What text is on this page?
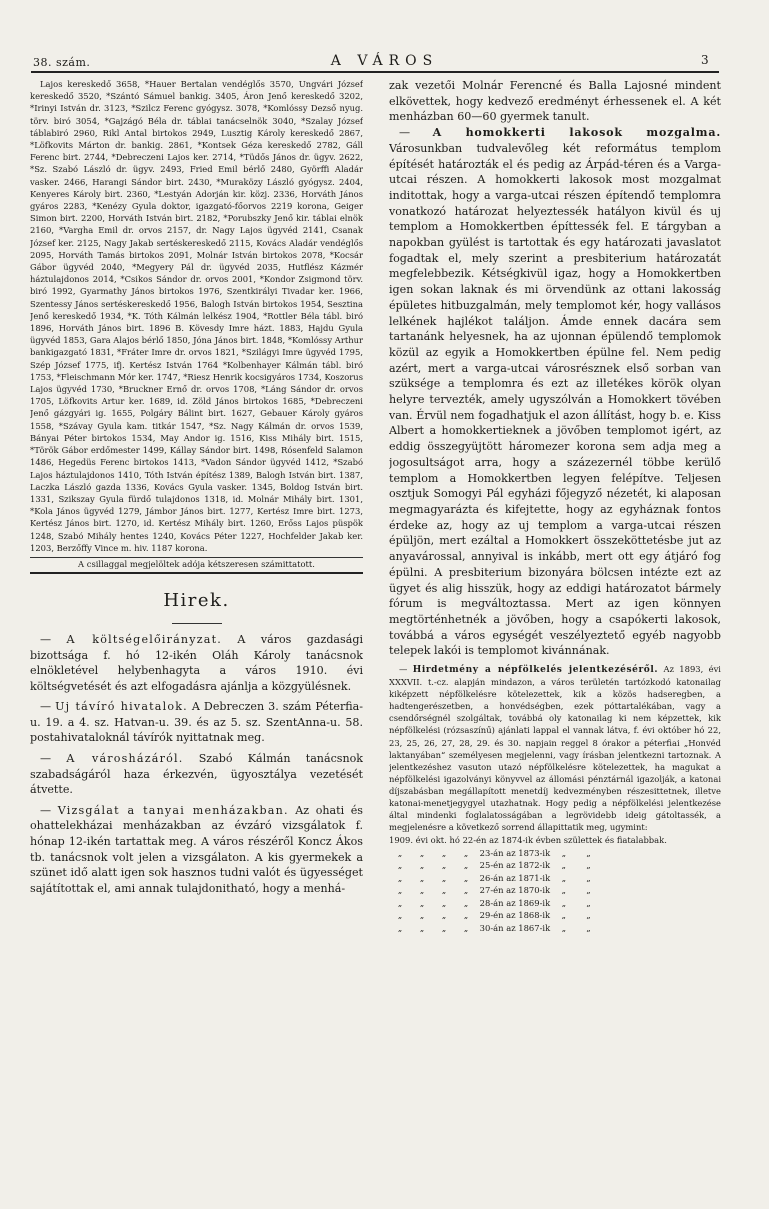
38. szám.	A VÁROS	3

Lajos kereskedő 3658, *Hauer Bertalan vendéglős 3570, Ungvári József kereskedő 3520, *Szántó Sámuel bankig. 3405, Áron Jenő kereskedő 3202, *Irinyi István dr. 3123, *Szilcz Ferenc gyógysz. 3078, *Komlóssy Dezső nyug. törv. biró 3054, *Gajzágó Béla dr. táblai tanácselnök 3040, *Szalay József táblabiró 2960, Rikl Antal birtokos 2949, Lusztig Károly kereskedő 2867, *Löfkovits Márton dr. bankig. 2861, *Kontsek Géza kereskedő 2782, Gáll Ferenc birt. 2744, *Debreczeni Lajos ker. 2714, *Tüdős János dr. ügyv. 2622, *Sz. Szabó László dr. ügyv. 2493, Fried Emil bérlő 2480, Györffi Aladár vasker. 2466, Harangi Sándor birt. 2430, *Muraközy László gyógysz. 2404, Kenyeres Károly birt. 2360, *Lestyán Adorján kir. közj. 2336, Horváth János gyáros 2283, *Kenézy Gyula doktor, igazgató-főorvos 2219 korona, Geiger Simon birt. 2200, Horváth István birt. 2182, *Porubszky Jenő kir. táblai elnök 2160, *Vargha Emil dr. orvos 2157, dr. Nagy Lajos ügyvéd 2141, Csanak József ker. 2125, Nagy Jakab sertéskereskedő 2115, Kovács Aladár vendéglős 2095, Horváth Tamás birtokos 2091, Molnár István birtokos 2078, *Kocsár Gábor ügyvéd 2040, *Megyery Pál dr. ügyvéd 2035, Hutflész Kázmér háztulajdonos 2014, *Csikos Sándor dr. orvos 2001, *Kondor Zsigmond törv. biró 1992, Gyarmathy János birtokos 1976, Szentkirályi Tivadar ker. 1966, Szentessy János sertéskereskedő 1956, Balogh István birtokos 1954, Sesztina Jenő kereskedő 1934, *K. Tóth Kálmán lelkész 1904, *Rottler Béla tábl. biró 1896, Horváth János birt. 1896 B. Kövesdy Imre házt. 1883, Hajdu Gyula ügyvéd 1853, Gara Alajos bérlő 1850, Jóna János birt. 1848, *Komlóssy Arthur bankigazgató 1831, *Fráter Imre dr. orvos 1821, *Szilágyi Imre ügyvéd 1795, Szép József 1775, ifj. Kertész István 1764 *Kolbenhayer Kálmán tábl. biró 1753, *Fleischmann Mór ker. 1747, *Riesz Henrik kocsigyáros 1734, Koszorus Lajos ügyvéd 1730, *Bruckner Ernő dr. orvos 1708, *Láng Sándor dr. orvos 1705, Löfkovits Artur ker. 1689, id. Zöld János birtokos 1685, *Debreczeni Jenő gázgyári ig. 1655, Polgáry Bálint birt. 1627, Gebauer Károly gyáros 1558, *Szávay Gyula kam. titkár 1547, *Sz. Nagy Kálmán dr. orvos 1539, Bányai Péter birtokos 1534, May Andor ig. 1516, Kiss Mihály birt. 1515, *Török Gábor erdőmester 1499, Kállay Sándor birt. 1498, Rósenfeld Salamon 1486, Hegedüs Ferenc birtokos 1413, *Vadon Sándor ügyvéd 1412, *Szabó Lajos háztulajdonos 1410, Tóth István építész 1389, Balogh István birt. 1387, Laczka László gazda 1336, Kovács Gyula vasker. 1345, Boldog István birt. 1331, Szikszay Gyula fürdő tulajdonos 1318, id. Molnár Mihály birt. 1301, *Kola János ügyvéd 1279, Jámbor János birt. 1277, Kertész Imre birt. 1273, Kertész János birt. 1270, id. Kertész Mihály birt. 1260, Erőss Lajos püspök 1248, Szabó Mihály hentes 1240, Kovács Péter 1227, Hochfelder Jakab ker. 1203, Berzőffy Vince m. hiv. 1187 korona.

A csillaggal megjelöltek adója kétszeresen számittatott.

Hirek.

— A költségelőirányzat. A város gazdasági bizottsága f. hó 12-ikén Oláh Károly tanácsnok elnökletével helybenhagyta a város 1910. évi költségvetését és azt elfogadásra ajánlja a közgyülésnek.

— Uj távíró hivatalok. A Debreczen 3. szám Péterfia-u. 19. a 4. sz. Hatvan-u. 39. és az 5. sz. SzentAnna-u. 58. postahivataloknál távírók nyittatnak meg.

— A városházáról. Szabó Kálmán tanácsnok szabadságáról haza érkezvén, ügyosztálya vezetését átvette.

— Vizsgálat a tanyai menházakban. Az ohati és ohattelekházai menházakban az évzáró vizsgálatok f. hónap 12-ikén tartattak meg. A város részéről Koncz Ákos tb. tanácsnok volt jelen a vizsgálaton. A kis gyermekek a szünet idő alatt igen sok hasznos tudni valót és ügyességet sajátítottak el, ami annak tulajdonitható, hogy a menhá-

zak vezetői Molnár Ferencné és Balla Lajosné mindent elkövettek, hogy kedvező eredményt érhessenek el. A két menházban 60—60 gyermek tanult.

— A homokkerti lakosok mozgalma. Városunkban tudvalevőleg két református templom építését határozták el és pedig az Árpád-téren és a Varga-utcai részen. A homokkerti lakosok most mozgalmat inditottak, hogy a varga-utcai részen építendő templomra vonatkozó határozat helyeztessék hatályon kivül és uj templom a Homokkertben építtessék fel. E tárgyban a napokban gyülést is tartottak és egy határozati javaslatot fogadtak el, mely szerint a presbiterium határozatát megfelebbezik. Kétségkivül igaz, hogy a Homokkertben igen sokan laknak és mi örvendünk az ottani lakosság épületes hitbuzgalmán, mely templomot kér, hogy vallásos lelkének hajlékot találjon. Ámde ennek dacára sem tartanánk helyesnek, ha az ujonnan épülendő templomok közül az egyik a Homokkertben épülne fel. Nem pedig azért, mert a varga-utcai városrésznek első sorban van szüksége a templomra és ezt az illetékes körök olyan helyre tervezték, amely ugyszólván a Homokkert tövében van. Érvül nem fogadhatjuk el azon állítást, hogy b. e. Kiss Albert a homokkertieknek a jövőben templomot igért, az eddig összegyüjtött háromezer korona sem adja meg a jogosultságot arra, hogy a százezernél többe kerülő templom a Homokkertben legyen felépítve. Teljesen osztjuk Somogyi Pál egyházi főjegyző nézetét, ki alaposan megmagyarázta és kifejtette, hogy az egyháznak fontos érdeke az, hogy az uj templom a varga-utcai részen épüljön, mert ezáltal a Homokkert összeköttetésbe jut az anyavárossal, annyival is inkább, mert ott egy átjáró fog épülni. A presbiterium bizonyára bölcsen intézte ezt az ügyet és alig hisszük, hogy az eddigi határozatot bármely fórum is megváltoztassa. Mert az igen könnyen megtörténhetnék a jövőben, hogy a csapókerti lakosok, továbbá a város egységét veszélyeztető egyéb nagyobb telepek lakói is templomot kivánnának.

— Hirdetmény a népfölkelés jelentkezéséről. Az 1893, évi XXXVII. t.-cz. alapján mindazon, a város területén tartózkodó katonailag kiképzett népfölkelésre kötelezettek, kik a közös hadseregben, a hadtengerészetben, a honvédségben, ezek póttartalékában, vagy a csendőrségnél szolgáltak, továbbá oly katonailag ki nem képzettek, kik népfölkelési (rózsaszínű) ajánlati lappal el vannak látva, f. évi október hó 22, 23, 25, 26, 27, 28, 29. és 30. napjain reggel 8 órakor a péterfiai „Honvéd laktanyában“ személyesen megjelenni, vagy írásban jelentkezni tartoznak. A jelentkezéshez vasuton utazó népfölkelésre kötelezettek, ha magukat a népfölkelési igazolványi könyvvel az állomási pénztárnál igazolják, a katonai díjszabásban megállapított menetdíj kedvezményben részesittetnek, illetve katonai-menetjegygyel utazhatnak. Hogy pedig a népfölkelési jelentkezése által mindenki foglalatosságában a legrövidebb ideig gátoltassék, a megjelenésre a következő sorrend állapittatik meg, ugymint:

1909. évi okt. hó 22-én az 1874-ik évben születtek és fiatalabbak.
„ „ „ „ 23-án az 1873-ik „ „
„ „ „ „ 25-én az 1872-ik „ „
„ „ „ „ 26-án az 1871-ik „ „
„ „ „ „ 27-én az 1870-ik „ „
„ „ „ „ 28-án az 1869-ik „ „
„ „ „ „ 29-én az 1868-ik „ „
„ „ „ „ 30-án az 1867-ik „ „
